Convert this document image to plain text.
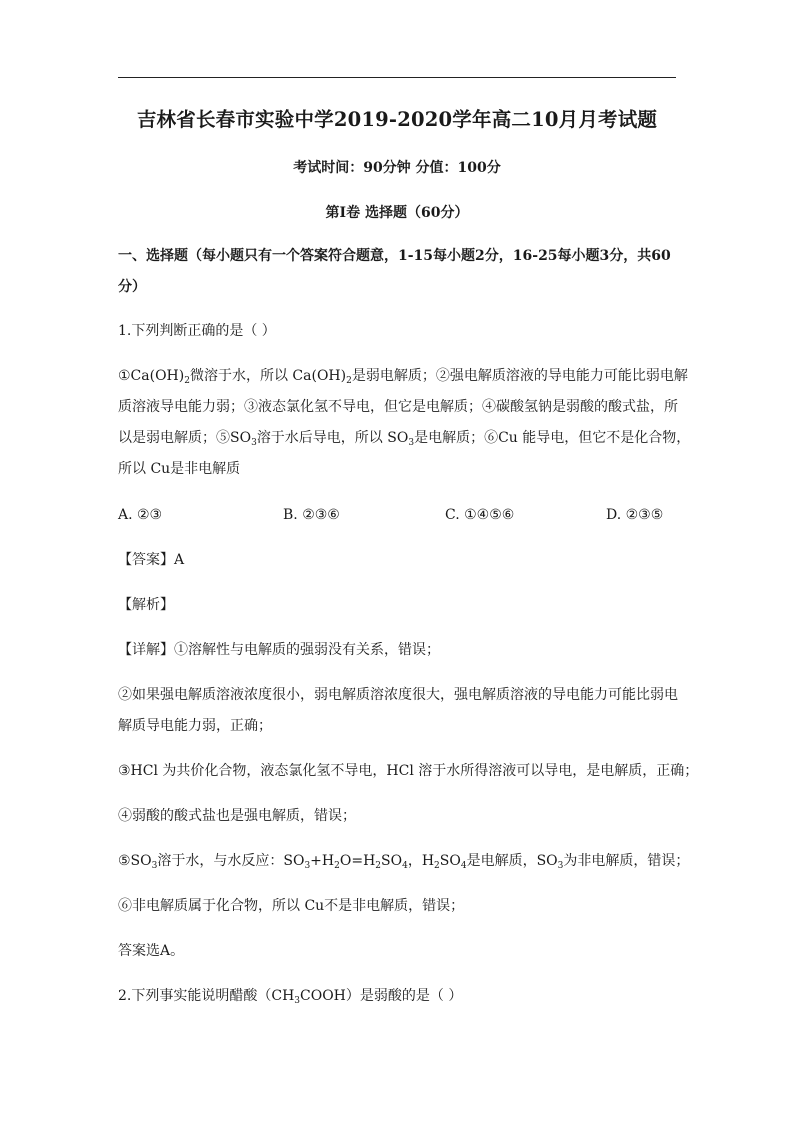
吉林省长春市实验中学2019-2020学年高二10月月考试题
考试时间：90分钟 分值：100分
第Ⅰ卷 选择题（60分）
一、选择题（每小题只有一个答案符合题意，1-15每小题2分，16-25每小题3分，共60
分）
1.下列判断正确的是（ ）
$①Ca(OH)_2$微溶于水，所以 $Ca(OH)_2$是弱电解质；②强电解质溶液的导电能力可能比弱电解
质溶液导电能力弱；③液态氯化氢不导电，但它是电解质；④碳酸氢钠是弱酸的酸式盐，所
以是弱电解质；$⑤SO_3$溶于水后导电，所以 $SO_3$是电解质；⑥Cu 能导电，但它不是化合物，
所以 Cu是非电解质
A. ②③	B. ②③⑥	C. ①④⑤⑥	D. ②③⑤
【答案】A
【解析】
【详解】①溶解性与电解质的强弱没有关系，错误；
②如果强电解质溶液浓度很小，弱电解质溶浓度很大，强电解质溶液的导电能力可能比弱电
解质导电能力弱，正确；
③HCl 为共价化合物，液态氯化氢不导电，HCl 溶于水所得溶液可以导电，是电解质，正确；
④弱酸的酸式盐也是强电解质，错误；
$⑤SO_3$溶于水，与水反应：$SO_3+H_2O=H_2SO_4$，$H_2SO_4$是电解质，$SO_3$为非电解质，错误；
⑥非电解质属于化合物，所以 Cu不是非电解质，错误；
答案选A。
2.下列事实能说明醋酸$(CH_3COOH)$是弱酸的是（ ）
